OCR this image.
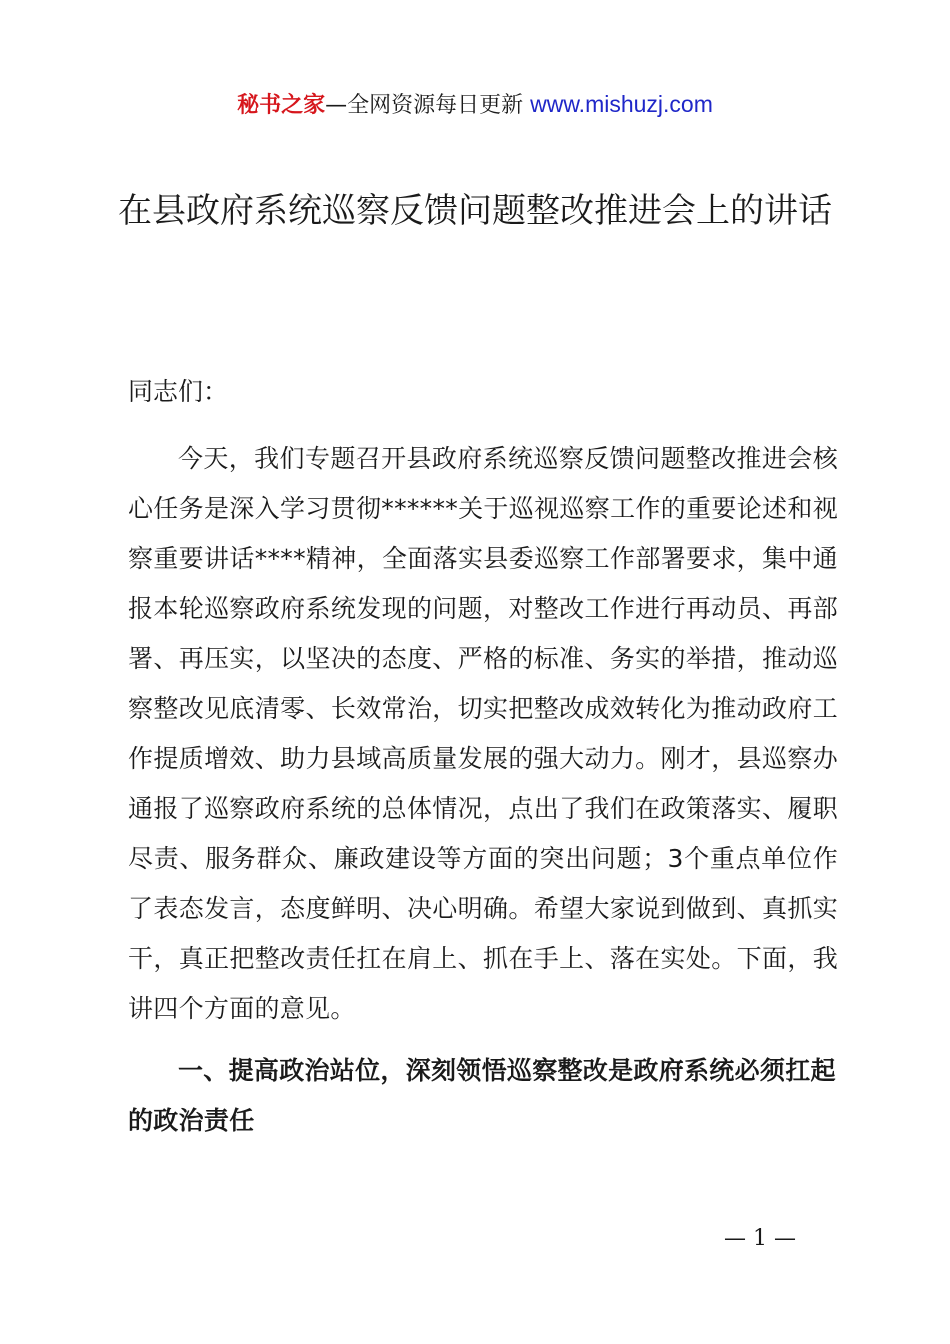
秘书之家—全网资源每日更新 www.mishuzj.com
在县政府系统巡察反馈问题整改推进会上的讲话
同志们：
今天，我们专题召开县政府系统巡察反馈问题整改推进会核心任务是深入学习贯彻******关于巡视巡察工作的重要论述和视察重要讲话****精神，全面落实县委巡察工作部署要求，集中通报本轮巡察政府系统发现的问题，对整改工作进行再动员、再部署、再压实，以坚决的态度、严格的标准、务实的举措，推动巡察整改见底清零、长效常治，切实把整改成效转化为推动政府工作提质增效、助力县域高质量发展的强大动力。刚才，县巡察办通报了巡察政府系统的总体情况，点出了我们在政策落实、履职尽责、服务群众、廉政建设等方面的突出问题；3个重点单位作了表态发言，态度鲜明、决心明确。希望大家说到做到、真抓实干，真正把整改责任扛在肩上、抓在手上、落在实处。下面，我讲四个方面的意见。
一、提高政治站位，深刻领悟巡察整改是政府系统必须扛起的政治责任
— 1 —
